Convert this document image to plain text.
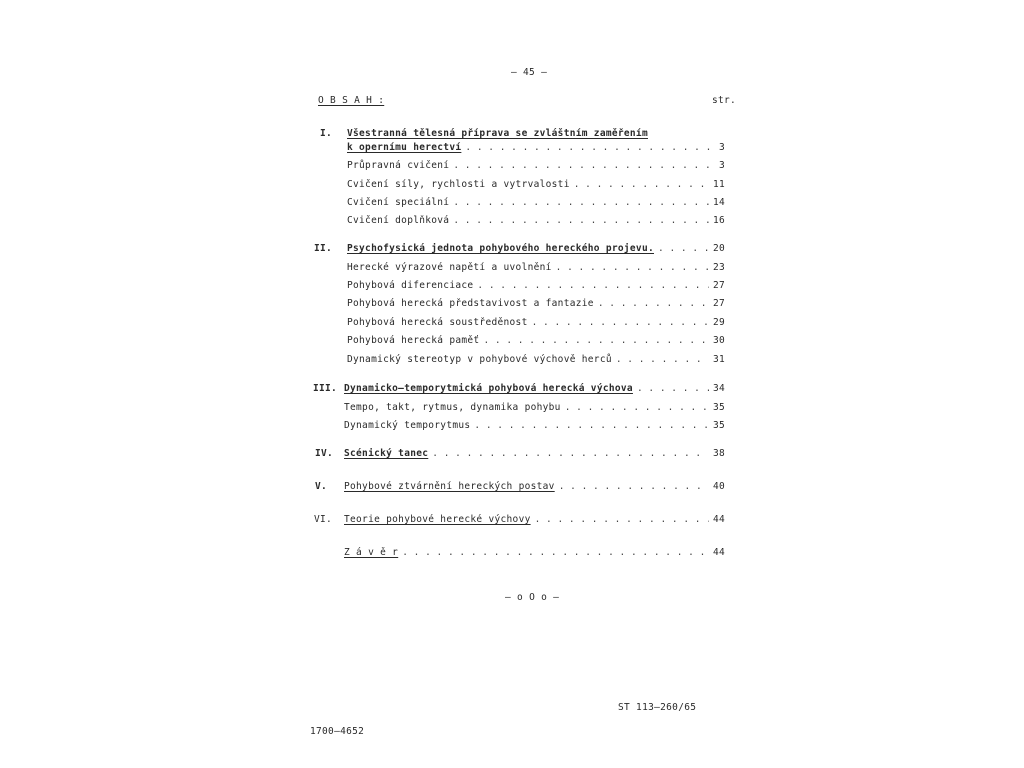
– 45 –
O B S A H :	str.
I. Všestranná tělesná příprava se zvláštním zaměřením
k opernímu herectví . . .	3
Průpravná cvičení . . .	3
Cvičení síly, rychlosti a vytrvalosti . . .	11
Cvičení speciální . . .	14
Cvičení doplňková . . .	16
II. Psychofysická jednota pohybového hereckého projevu. . . .	20
Herecké výrazové napětí a uvolnění . . .	23
Pohybová diferenciace . . .	27
Pohybová herecká představivost a fantazie . . .	27
Pohybová herecká soustředěnost . . .	29
Pohybová herecká paměť . . .	30
Dynamický stereotyp v pohybové výchově herců . . .	31
III. Dynamicko–temporytmická pohybová herecká výchova . . .	34
Tempo, takt, rytmus, dynamika pohybu . . .	35
Dynamický temporytmus . . .	35
IV. Scénický tanec . . .	38
V. Pohybové ztvárnění hereckých postav . . .	40
VI. Teorie pohybové herecké výchovy . . .	44
Z á v ě r . . .	44
– o O o –
ST 113–260/65
1700–4652
